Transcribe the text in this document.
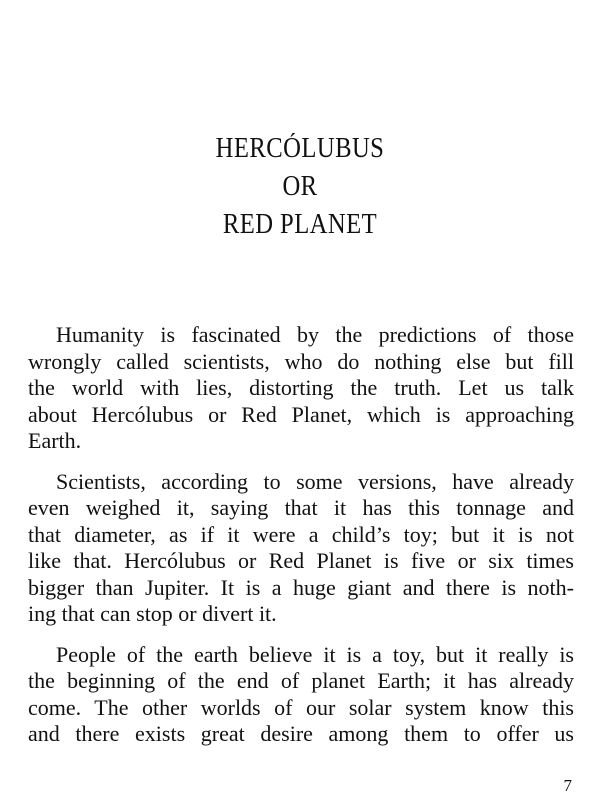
HERCÓLUBUS
OR
RED PLANET
Humanity is fascinated by the predictions of those
wrongly called scientists, who do nothing else but fill
the world with lies, distorting the truth. Let us talk
about Hercólubus or Red Planet, which is approaching
Earth.
Scientists, according to some versions, have already
even weighed it, saying that it has this tonnage and
that diameter, as if it were a child’s toy; but it is not
like that. Hercólubus or Red Planet is five or six times
bigger than Jupiter. It is a huge giant and there is noth-
ing that can stop or divert it.
People of the earth believe it is a toy, but it really is
the beginning of the end of planet Earth; it has already
come. The other worlds of our solar system know this
and there exists great desire among them to offer us
7
